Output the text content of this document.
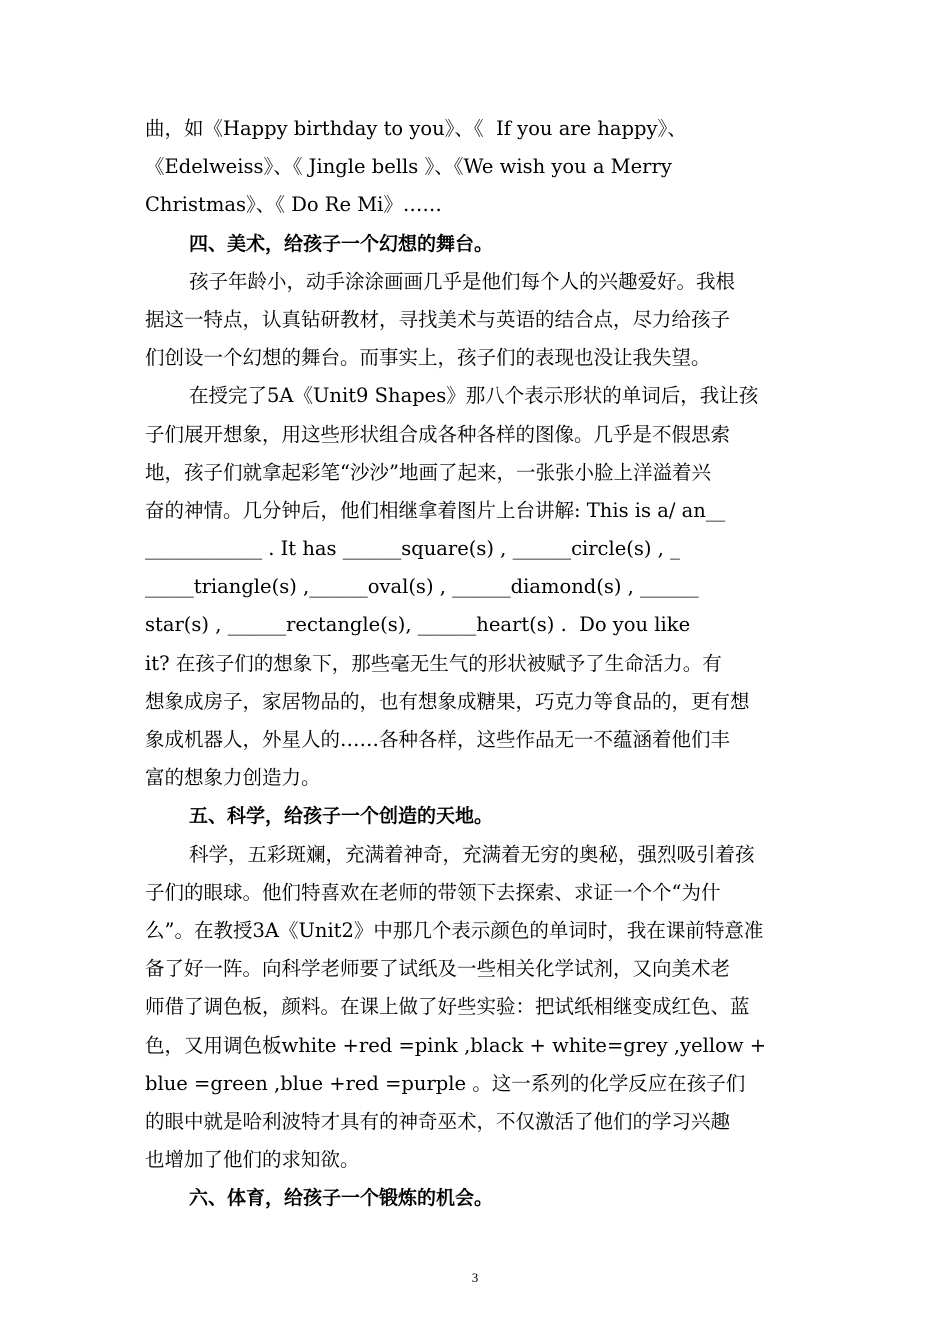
曲，如《Happy birthday to you》、《  If you are happy》、
《Edelweiss》、《 Jingle bells 》、《We wish you a Merry
Christmas》、《 Do Re Mi》……
四、美术，给孩子一个幻想的舞台。
孩子年龄小，动手涂涂画画几乎是他们每个人的兴趣爱好。我根
据这一特点，认真钻研教材，寻找美术与英语的结合点，尽力给孩子
们创设一个幻想的舞台。而事实上，孩子们的表现也没让我失望。
在授完了5A《Unit9 Shapes》那八个表示形状的单词后，我让孩
子们展开想象，用这些形状组合成各种各样的图像。几乎是不假思索
地，孩子们就拿起彩笔“沙沙”地画了起来，一张张小脸上洋溢着兴
奋的神情。几分钟后，他们相继拿着图片上台讲解: This is a/ an__
____________ . It has ______square(s) , ______circle(s) , _
_____triangle(s) ,______oval(s) , ______diamond(s) , ______
star(s) , ______rectangle(s), ______heart(s) .  Do you like
it? 在孩子们的想象下，那些毫无生气的形状被赋予了生命活力。有
想象成房子，家居物品的，也有想象成糖果，巧克力等食品的，更有想
象成机器人，外星人的……各种各样，这些作品无一不蕴涵着他们丰
富的想象力创造力。
五、科学，给孩子一个创造的天地。
科学，五彩斑斓，充满着神奇，充满着无穷的奥秘，强烈吸引着孩
子们的眼球。他们特喜欢在老师的带领下去探索、求证一个个“为什
么”。在教授3A《Unit2》中那几个表示颜色的单词时，我在课前特意准
备了好一阵。向科学老师要了试纸及一些相关化学试剂，又向美术老
师借了调色板，颜料。在课上做了好些实验：把试纸相继变成红色、蓝
色，又用调色板white +red =pink ,black + white=grey ,yellow +
blue =green ,blue +red =purple 。这一系列的化学反应在孩子们
的眼中就是哈利波特才具有的神奇巫术，不仅激活了他们的学习兴趣
也增加了他们的求知欲。
六、体育，给孩子一个锻炼的机会。
3
